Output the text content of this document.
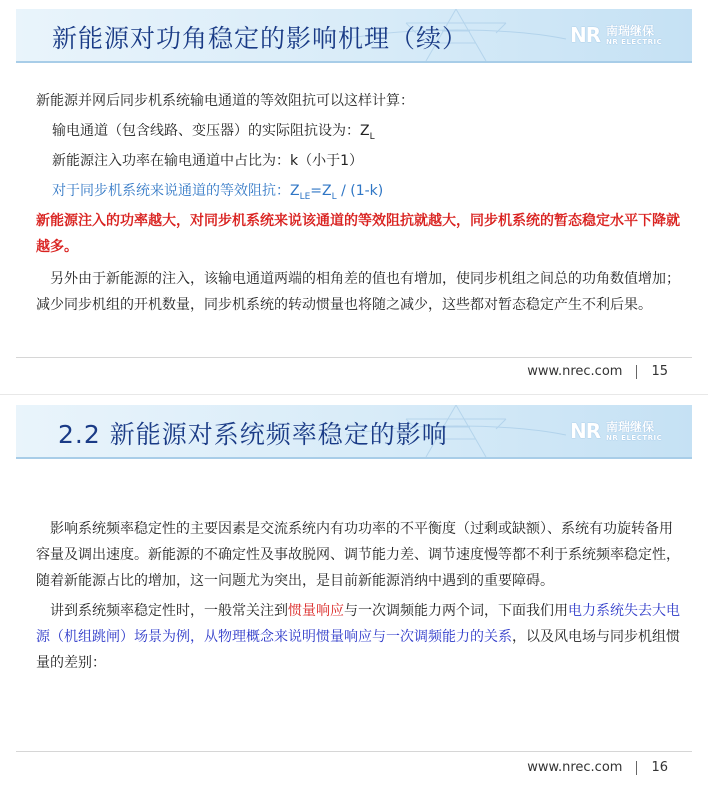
新能源对功角稳定的影响机理（续）	NR 南瑞继保
NR ELECTRIC
新能源并网后同步机系统输电通道的等效阻抗可以这样计算：
输电通道（包含线路、变压器）的实际阻抗设为：$Z_L$
新能源注入功率在输电通道中占比为：k（小于1）
对于同步机系统来说通道的等效阻抗：$Z_{LE}=Z_L / (1-k)$
新能源注入的功率越大，对同步机系统来说该通道的等效阻抗就越大，同步机系统的暂态稳定水平下降就越多。
另外由于新能源的注入，该输电通道两端的相角差的值也有增加，使同步机组之间总的功角数值增加；减少同步机组的开机数量，同步机系统的转动惯量也将随之减少，这些都对暂态稳定产生不利后果。
www.nrec.com 15
2.2 新能源对系统频率稳定的影响	NR 南瑞继保
NR ELECTRIC
影响系统频率稳定性的主要因素是交流系统内有功功率的不平衡度（过剩或缺额）、系统有功旋转备用容量及调出速度。新能源的不确定性及事故脱网、调节能力差、调节速度慢等都不利于系统频率稳定性，随着新能源占比的增加，这一问题尤为突出，是目前新能源消纳中遇到的重要障碍。
讲到系统频率稳定性时，一般常关注到惯量响应与一次调频能力两个词，下面我们用电力系统失去大电源（机组跳闸）场景为例，从物理概念来说明惯量响应与一次调频能力的关系，以及风电场与同步机组惯量的差别：
www.nrec.com 16
